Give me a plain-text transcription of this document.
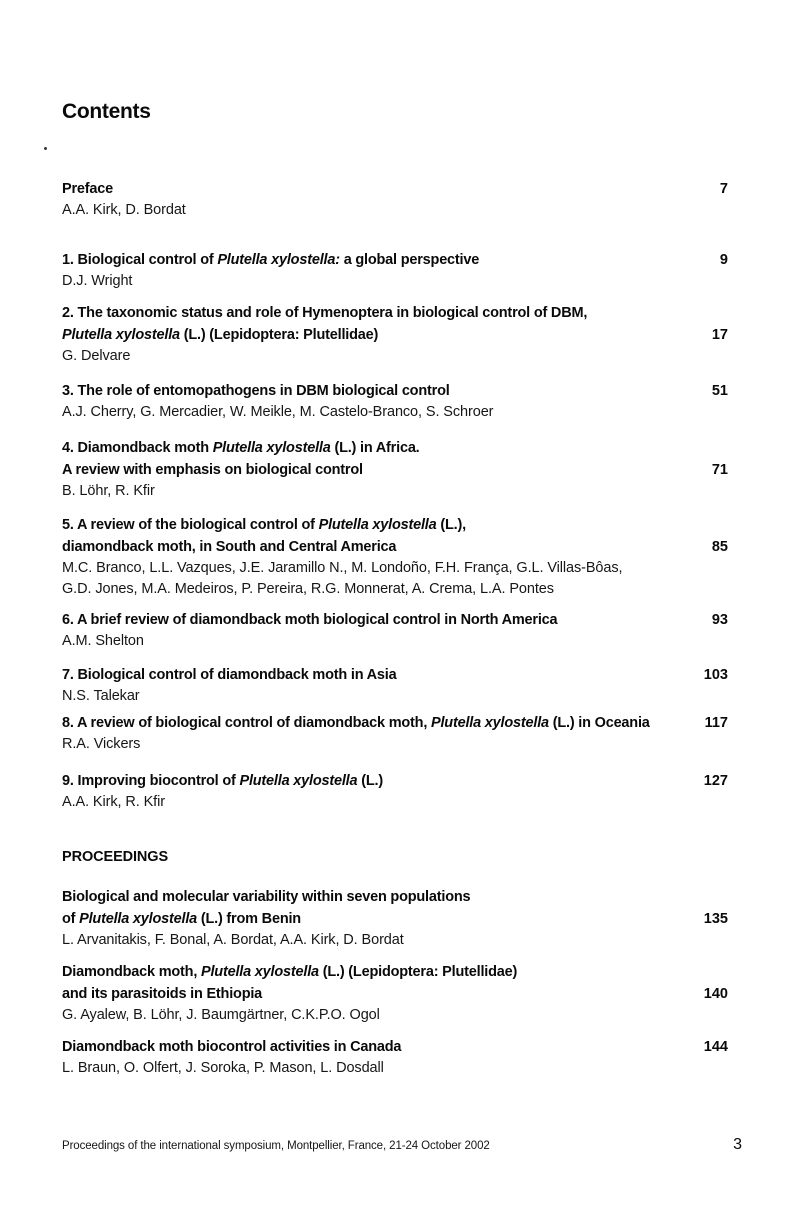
Contents
Preface
A.A. Kirk, D. Bordat
7
1. Biological control of Plutella xylostella: a global perspective
D.J. Wright
9
2. The taxonomic status and role of Hymenoptera in biological control of DBM,
Plutella xylostella (L.) (Lepidoptera: Plutellidae)
G. Delvare
17
3. The role of entomopathogens in DBM biological control
A.J. Cherry, G. Mercadier, W. Meikle, M. Castelo-Branco, S. Schroer
51
4. Diamondback moth Plutella xylostella (L.) in Africa.
A review with emphasis on biological control
B. Löhr, R. Kfir
71
5. A review of the biological control of Plutella xylostella (L.),
diamondback moth, in South and Central America
M.C. Branco, L.L. Vazques, J.E. Jaramillo N., M. Londoño, F.H. França, G.L. Villas-Bôas,
G.D. Jones, M.A. Medeiros, P. Pereira, R.G. Monnerat, A. Crema, L.A. Pontes
85
6. A brief review of diamondback moth biological control in North America
A.M. Shelton
93
7. Biological control of diamondback moth in Asia
N.S. Talekar
103
8. A review of biological control of diamondback moth, Plutella xylostella (L.) in Oceania
R.A. Vickers
117
9. Improving biocontrol of Plutella xylostella (L.)
A.A. Kirk, R. Kfir
127
Biological and molecular variability within seven populations
of Plutella xylostella (L.) from Benin
L. Arvanitakis, F. Bonal, A. Bordat, A.A. Kirk, D. Bordat
135
Diamondback moth, Plutella xylostella (L.) (Lepidoptera: Plutellidae)
and its parasitoids in Ethiopia
G. Ayalew, B. Löhr, J. Baumgärtner, C.K.P.O. Ogol
140
Diamondback moth biocontrol activities in Canada
L. Braun, O. Olfert, J. Soroka, P. Mason, L. Dosdall
144
PROCEEDINGS
Proceedings of the international symposium, Montpellier, France, 21-24 October 2002	3
